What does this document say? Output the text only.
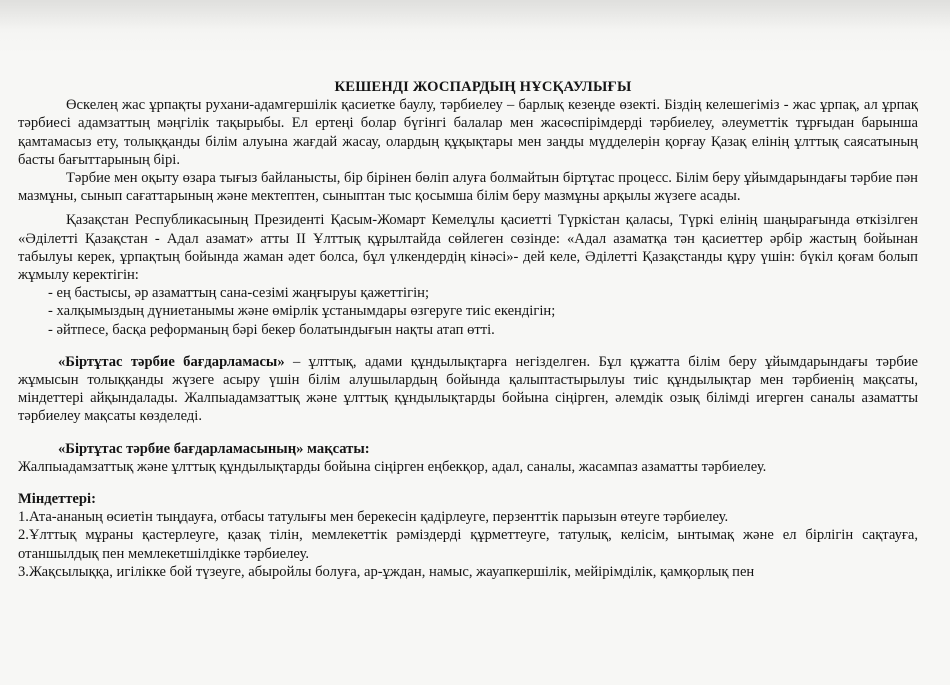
КЕШЕНДІ ЖОСПАРДЫҢ НҰСҚАУЛЫҒЫ

Өскелең жас ұрпақты рухани-адамгершілік қасиетке баулу, тәрбиелеу – барлық кезеңде өзекті. Біздің келешегіміз - жас ұрпақ, ал ұрпақ тәрбиесі адамзаттың мәңгілік тақырыбы. Ел ертеңі болар бүгінгі балалар мен жасөспірімдерді тәрбиелеу, әлеуметтік тұрғыдан барынша қамтамасыз ету, толыққанды білім алуына жағдай жасау, олардың құқықтары мен заңды мүдделерін қорғау Қазақ елінің ұлттық саясатының басты бағыттарының бірі.

Тәрбие мен оқыту өзара тығыз байланысты, бір бірінен бөліп алуға болмайтын біртұтас процесс. Білім беру ұйымдарындағы тәрбие пән мазмұны, сынып сағаттарының және мектептен, сыныптан тыс қосымша білім беру мазмұны арқылы жүзеге асады.

Қазақстан Республикасының Президенті Қасым-Жомарт Кемелұлы қасиетті Түркістан қаласы, Түркі елінің шаңырағында өткізілген «Әділетті Қазақстан - Адал азамат» атты ІІ Ұлттық құрылтайда сөйлеген сөзінде: «Адал азаматқа тән қасиеттер әрбір жастың бойынан табылуы керек, ұрпақтың бойында жаман әдет болса, бұл үлкендердің кінәсі»- дей келе, Әділетті Қазақстанды құру үшін: бүкіл қоғам болып жұмылу керектігін:

- ең бастысы, әр азаматтың сана-сезімі жаңғыруы қажеттігін;
- халқымыздың дүниетанымы және өмірлік ұстанымдары өзгеруге тиіс екендігін;
- әйтпесе, басқа реформаның бәрі бекер болатындығын нақты атап өтті.

«Біртұтас тәрбие бағдарламасы» – ұлттық, адами құндылықтарға негізделген. Бұл құжатта білім беру ұйымдарындағы тәрбие жұмысын толыққанды жүзеге асыру үшін білім алушылардың бойында қалыптастырылуы тиіс құндылықтар мен тәрбиенің мақсаты, міндеттері айқындалады. Жалпыадамзаттық және ұлттық құндылықтарды бойына сіңірген, әлемдік озық білімді игерген саналы азаматты тәрбиелеу мақсаты көзделеді.

«Біртұтас тәрбие бағдарламасының» мақсаты:

Жалпыадамзаттық және ұлттық құндылықтарды бойына сіңірген еңбекқор, адал, саналы, жасампаз азаматты тәрбиелеу.

Міндеттері:

1.Ата-ананың өсиетін тыңдауға, отбасы татулығы мен берекесін қадірлеуге, перзенттік парызын өтеуге тәрбиелеу.

2.Ұлттық мұраны қастерлеуге, қазақ тілін, мемлекеттік рәміздерді құрметтеуге, татулық, келісім, ынтымақ және ел бірлігін сақтауға, отаншылдық пен мемлекетшілдікке тәрбиелеу.

3.Жақсылыққа, игілікке бой түзеуге, абыройлы болуға, ар-ұждан, намыс, жауапкершілік, мейірімділік, қамқорлық пен
